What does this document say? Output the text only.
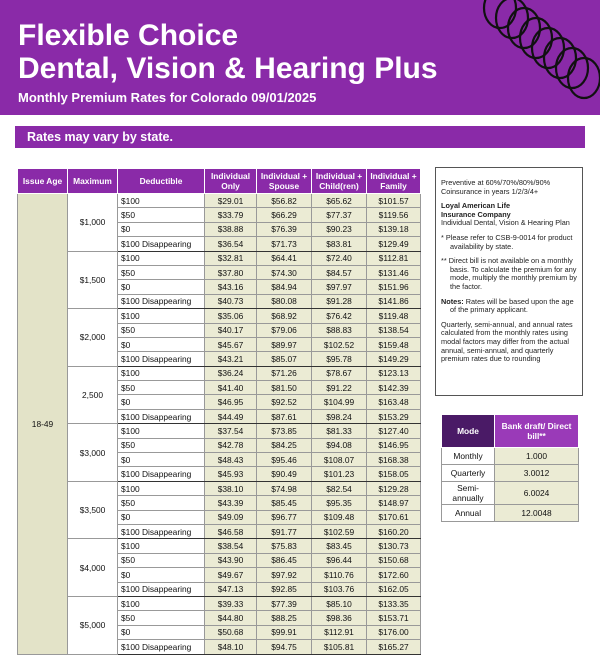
Flexible Choice
Dental, Vision & Hearing Plus
Monthly Premium Rates for Colorado 09/01/2025
Rates may vary by state.
Issue Age	Maximum	Deductible	Individual Only	Individual + Spouse	Individual + Child(ren)	Individual + Family
18-49	$1,000	$100	$29.01	$56.82	$65.62	$101.57
		$50	$33.79	$66.29	$77.37	$119.56
		$0	$38.88	$76.39	$90.23	$139.18
		$100 Disappearing	$36.54	$71.73	$83.81	$129.49
	$1,500	$100	$32.81	$64.41	$72.40	$112.81
		$50	$37.80	$74.30	$84.57	$131.46
		$0	$43.16	$84.94	$97.97	$151.96
		$100 Disappearing	$40.73	$80.08	$91.28	$141.86
	$2,000	$100	$35.06	$68.92	$76.42	$119.48
		$50	$40.17	$79.06	$88.83	$138.54
		$0	$45.67	$89.97	$102.52	$159.48
		$100 Disappearing	$43.21	$85.07	$95.78	$149.29
	2,500	$100	$36.24	$71.26	$78.67	$123.13
		$50	$41.40	$81.50	$91.22	$142.39
		$0	$46.95	$92.52	$104.99	$163.48
		$100 Disappearing	$44.49	$87.61	$98.24	$153.29
	$3,000	$100	$37.54	$73.85	$81.33	$127.40
		$50	$42.78	$84.25	$94.08	$146.95
		$0	$48.43	$95.46	$108.07	$168.38
		$100 Disappearing	$45.93	$90.49	$101.23	$158.05
	$3,500	$100	$38.10	$74.98	$82.54	$129.28
		$50	$43.39	$85.45	$95.35	$148.97
		$0	$49.09	$96.77	$109.48	$170.61
		$100 Disappearing	$46.58	$91.77	$102.59	$160.20
	$4,000	$100	$38.54	$75.83	$83.45	$130.73
		$50	$43.90	$86.45	$96.44	$150.68
		$0	$49.67	$97.92	$110.76	$172.60
		$100 Disappearing	$47.13	$92.85	$103.76	$162.05
	$5,000	$100	$39.33	$77.39	$85.10	$133.35
		$50	$44.80	$88.25	$98.36	$153.71
		$0	$50.68	$99.91	$112.91	$176.00
		$100 Disappearing	$48.10	$94.75	$105.81	$165.27

Preventive at 60%/70%/80%/90%
Coinsurance in years 1/2/3/4+

Loyal American Life
Insurance Company
Individual Dental, Vision & Hearing Plan

* Please refer to CSB-9-0014 for product availability by state.

** Direct bill is not available on a monthly basis. To calculate the premium for any mode, multiply the monthly premium by the factor.

Notes: Rates will be based upon the age of the primary applicant.

Quarterly, semi-annual, and annual rates calculated from the monthly rates using modal factors may differ from the actual annual, semi-annual, and quarterly premium rates due to rounding

Mode	Bank draft/ Direct bill**
Monthly	1.000
Quarterly	3.0012
Semi-annually	6.0024
Annual	12.0048
